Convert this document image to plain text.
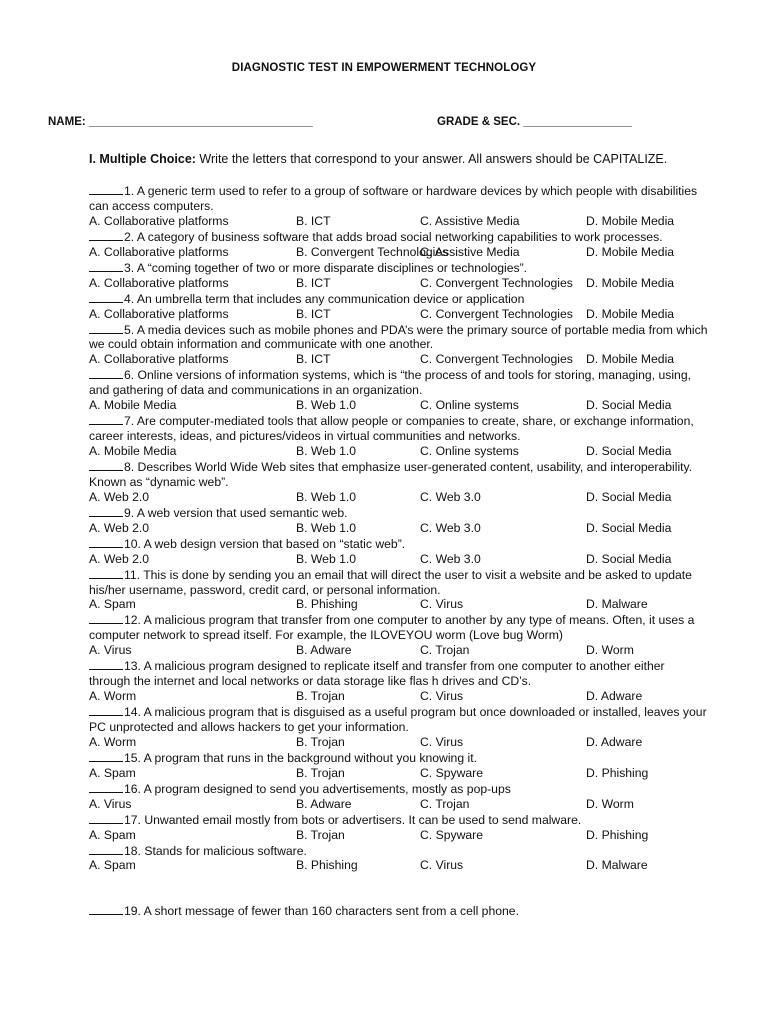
DIAGNOSTIC TEST IN EMPOWERMENT TECHNOLOGY
NAME: ___________________________________	GRADE & SEC. _________________
I. Multiple Choice: Write the letters that correspond to your answer. All answers should be CAPITALIZE.
1. A generic term used to refer to a group of software or hardware devices by which people with disabilities can access computers.
A. Collaborative platforms	B. ICT	C. Assistive Media	D. Mobile Media
2. A category of business software that adds broad social networking capabilities to work processes.
A. Collaborative platforms	B. Convergent Technologies
C. Assistive Media	D. Mobile Media
3. A “coming together of two or more disparate disciplines or technologies”.
A. Collaborative platforms	B. ICT	C. Convergent Technologies D. Mobile Media
4. An umbrella term that includes any communication device or application
A. Collaborative platforms	B. ICT	C. Convergent Technologies D. Mobile Media
5. A media devices such as mobile phones and PDA’s were the primary source of portable media from which we could obtain information and communicate with one another.
A. Collaborative platforms	B. ICT	C. Convergent Technologies D. Mobile Media
6. Online versions of information systems, which is “the process of and tools for storing, managing, using, and gathering of data and communications in an organization.
A. Mobile Media	B. Web 1.0	C. Online systems	D. Social Media
7. Are computer-mediated tools that allow people or companies to create, share, or exchange information, career interests, ideas, and pictures/videos in virtual communities and networks.
A. Mobile Media	B. Web 1.0	C. Online systems	D. Social Media
8. Describes World Wide Web sites that emphasize user-generated content, usability, and interoperability. Known as “dynamic web”.
A. Web 2.0	B. Web 1.0	C. Web 3.0	D. Social Media
9. A web version that used semantic web.
A. Web 2.0	B. Web 1.0	C. Web 3.0	D. Social Media
10. A web design version that based on “static web”.
A. Web 2.0	B. Web 1.0	C. Web 3.0	D. Social Media
11. This is done by sending you an email that will direct the user to visit a website and be asked to update his/her username, password, credit card, or personal information.
A. Spam	B. Phishing	C. Virus	D. Malware
12. A malicious program that transfer from one computer to another by any type of means. Often, it uses a computer network to spread itself. For example, the ILOVEYOU worm (Love bug Worm)
A. Virus	B. Adware	C. Trojan	D. Worm
13. A malicious program designed to replicate itself and transfer from one computer to another either through the internet and local networks or data storage like flas h drives and CD’s.
A. Worm	B. Trojan	C. Virus	D. Adware
14. A malicious program that is disguised as a useful program but once downloaded or installed, leaves your PC unprotected and allows hackers to get your information.
A. Worm	B. Trojan	C. Virus	D. Adware
15. A program that runs in the background without you knowing it.
A. Spam	B. Trojan	C. Spyware	D. Phishing
16. A program designed to send you advertisements, mostly as pop-ups
A. Virus	B. Adware	C. Trojan	D. Worm
17. Unwanted email mostly from bots or advertisers. It can be used to send malware.
A. Spam	B. Trojan	C. Spyware	D. Phishing
18. Stands for malicious software.
A. Spam	B. Phishing	C. Virus	D. Malware
19. A short message of fewer than 160 characters sent from a cell phone.
